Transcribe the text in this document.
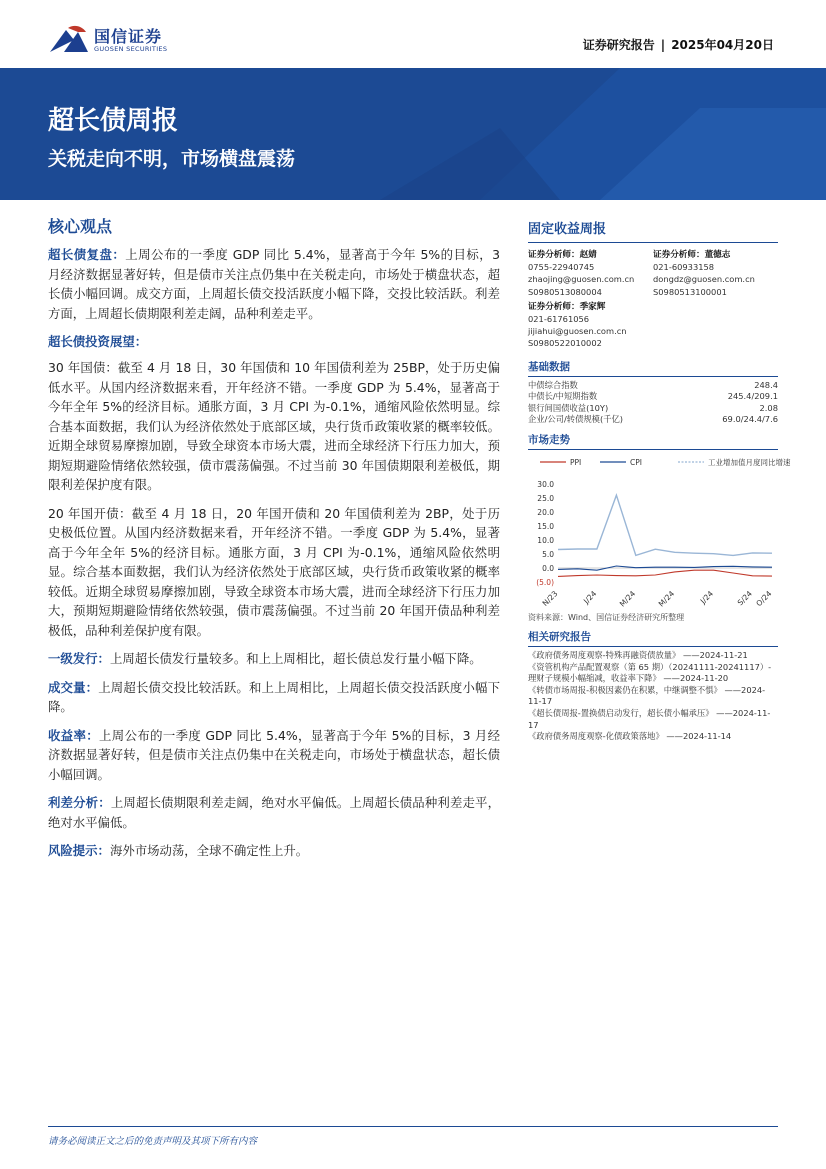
国信证券
GUOSEN SECURITIES	证券研究报告 | 2025年04月20日
超长债周报
关税走向不明，市场横盘震荡
核心观点

超长债复盘：上周公布的一季度 GDP 同比 5.4%，显著高于今年 5%的目标，3 月经济数据显著好转，但是债市关注点仍集中在关税走向，市场处于横盘状态，超长债小幅回调。成交方面，上周超长债交投活跃度小幅下降，交投比较活跃。利差方面，上周超长债期限利差走阔，品种利差走平。

超长债投资展望：

30 年国债：截至 4 月 18 日，30 年国债和 10 年国债利差为 25BP，处于历史偏低水平。从国内经济数据来看，开年经济不错。一季度 GDP 为 5.4%，显著高于今年全年 5%的经济目标。通胀方面，3 月 CPI 为-0.1%，通缩风险依然明显。综合基本面数据，我们认为经济依然处于底部区域，央行货币政策收紧的概率较低。近期全球贸易摩擦加剧，导致全球资本市场大震，进而全球经济下行压力加大，预期短期避险情绪依然较强，债市震荡偏强。不过当前 30 年国债期限利差极低，期限利差保护度有限。

20 年国开债：截至 4 月 18 日，20 年国开债和 20 年国债利差为 2BP，处于历史极低位置。从国内经济数据来看，开年经济不错。一季度 GDP 为 5.4%，显著高于今年全年 5%的经济目标。通胀方面，3 月 CPI 为-0.1%，通缩风险依然明显。综合基本面数据，我们认为经济依然处于底部区域，央行货币政策收紧的概率较低。近期全球贸易摩擦加剧，导致全球资本市场大震，进而全球经济下行压力加大，预期短期避险情绪依然较强，债市震荡偏强。不过当前 20 年国开债品种利差极低，品种利差保护度有限。

一级发行：上周超长债发行量较多。和上上周相比，超长债总发行量小幅下降。

成交量：上周超长债交投比较活跃。和上上周相比，上周超长债交投活跃度小幅下降。

收益率：上周公布的一季度 GDP 同比 5.4%，显著高于今年 5%的目标，3 月经济数据显著好转，但是债市关注点仍集中在关税走向，市场处于横盘状态，超长债小幅回调。

利差分析：上周超长债期限利差走阔，绝对水平偏低。上周超长债品种利差走平，绝对水平偏低。

风险提示：海外市场动荡，全球不确定性上升。

固定收益周报
证券分析师：赵婧
0755-22940745
zhaojing@guosen.com.cn
S0980513080004
证券分析师：董德志
021-60933158
dongdz@guosen.com.cn
S0980513100001
证券分析师：季家辉
021-61761056
jijiahui@guosen.com.cn
S0980522010002
基础数据
中债综合指数	248.4
中债长/中短期指数	245.4/209.1
银行间国债收益(10Y)	2.08
企业/公司/转债规模(千亿)	69.0/24.4/7.6
市场走势
PPI	CPI	工业增加值月度同比增速
30.0
25.0
20.0
15.0
10.0
5.0
0.0
(5.0)
N/23	J/24	M/24	M/24	J/24	S/24 O/24
资料来源：Wind、国信证券经济研究所整理
相关研究报告
《政府债务周度观察-特殊再融资债放量》 ——2024-11-21
《资管机构产品配置观察（第 65 期）（20241111-20241117）-理财子规模小幅缩减，收益率下降》 ——2024-11-20
《转债市场周报-积极因素仍在积累，中继调整不惧》 ——2024-11-17
《超长债周报-置换债启动发行，超长债小幅承压》 ——2024-11-17
《政府债务周度观察-化债政策落地》 ——2024-11-14
请务必阅读正文之后的免责声明及其项下所有内容
